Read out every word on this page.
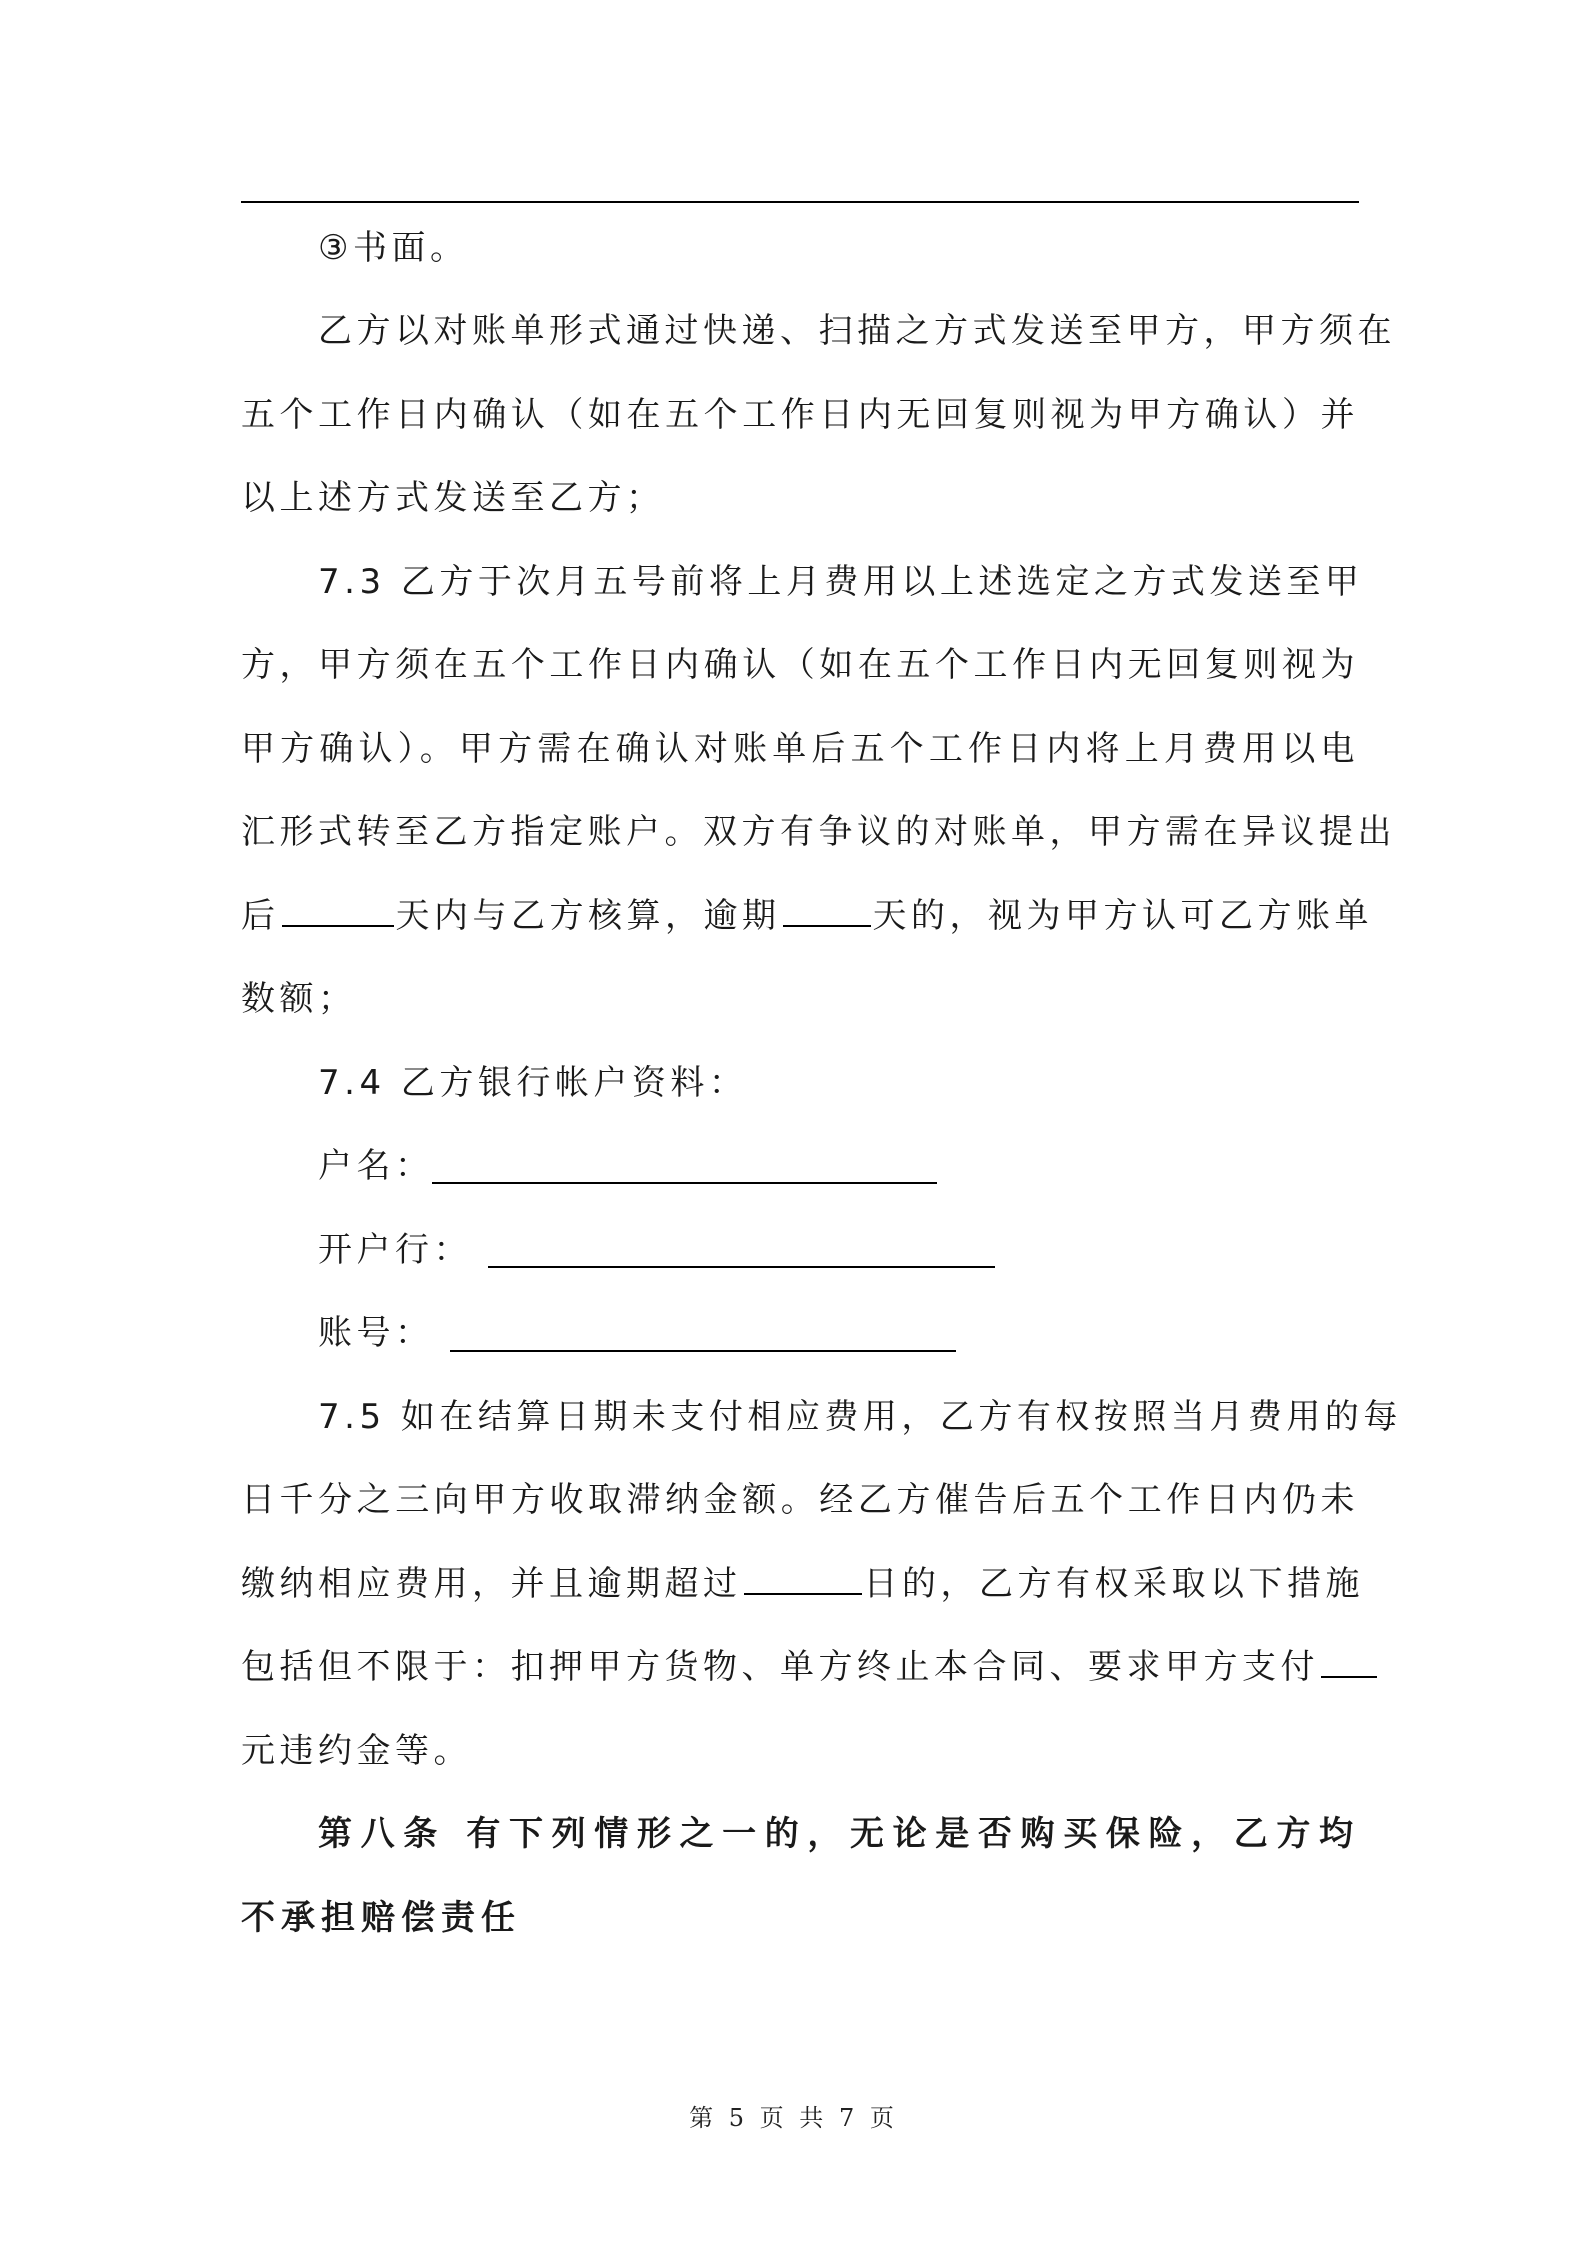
③书面。
乙方以对账单形式通过快递、扫描之方式发送至甲方，甲方须在
五个工作日内确认（如在五个工作日内无回复则视为甲方确认）并
以上述方式发送至乙方；
7.3 乙方于次月五号前将上月费用以上述选定之方式发送至甲
方，甲方须在五个工作日内确认（如在五个工作日内无回复则视为
甲方确认）。甲方需在确认对账单后五个工作日内将上月费用以电
汇形式转至乙方指定账户。双方有争议的对账单，甲方需在异议提出
后	天内与乙方核算，逾期	天的，视为甲方认可乙方账单
数额；
7.4 乙方银行帐户资料：
户名：
开户行：
账号：
7.5 如在结算日期未支付相应费用，乙方有权按照当月费用的每
日千分之三向甲方收取滞纳金额。经乙方催告后五个工作日内仍未
缴纳相应费用，并且逾期超过	日的，乙方有权采取以下措施
包括但不限于：扣押甲方货物、单方终止本合同、要求甲方支付
元违约金等。
第八条 有下列情形之一的，无论是否购买保险，乙方均
不承担赔偿责任
第 5 页 共 7 页
